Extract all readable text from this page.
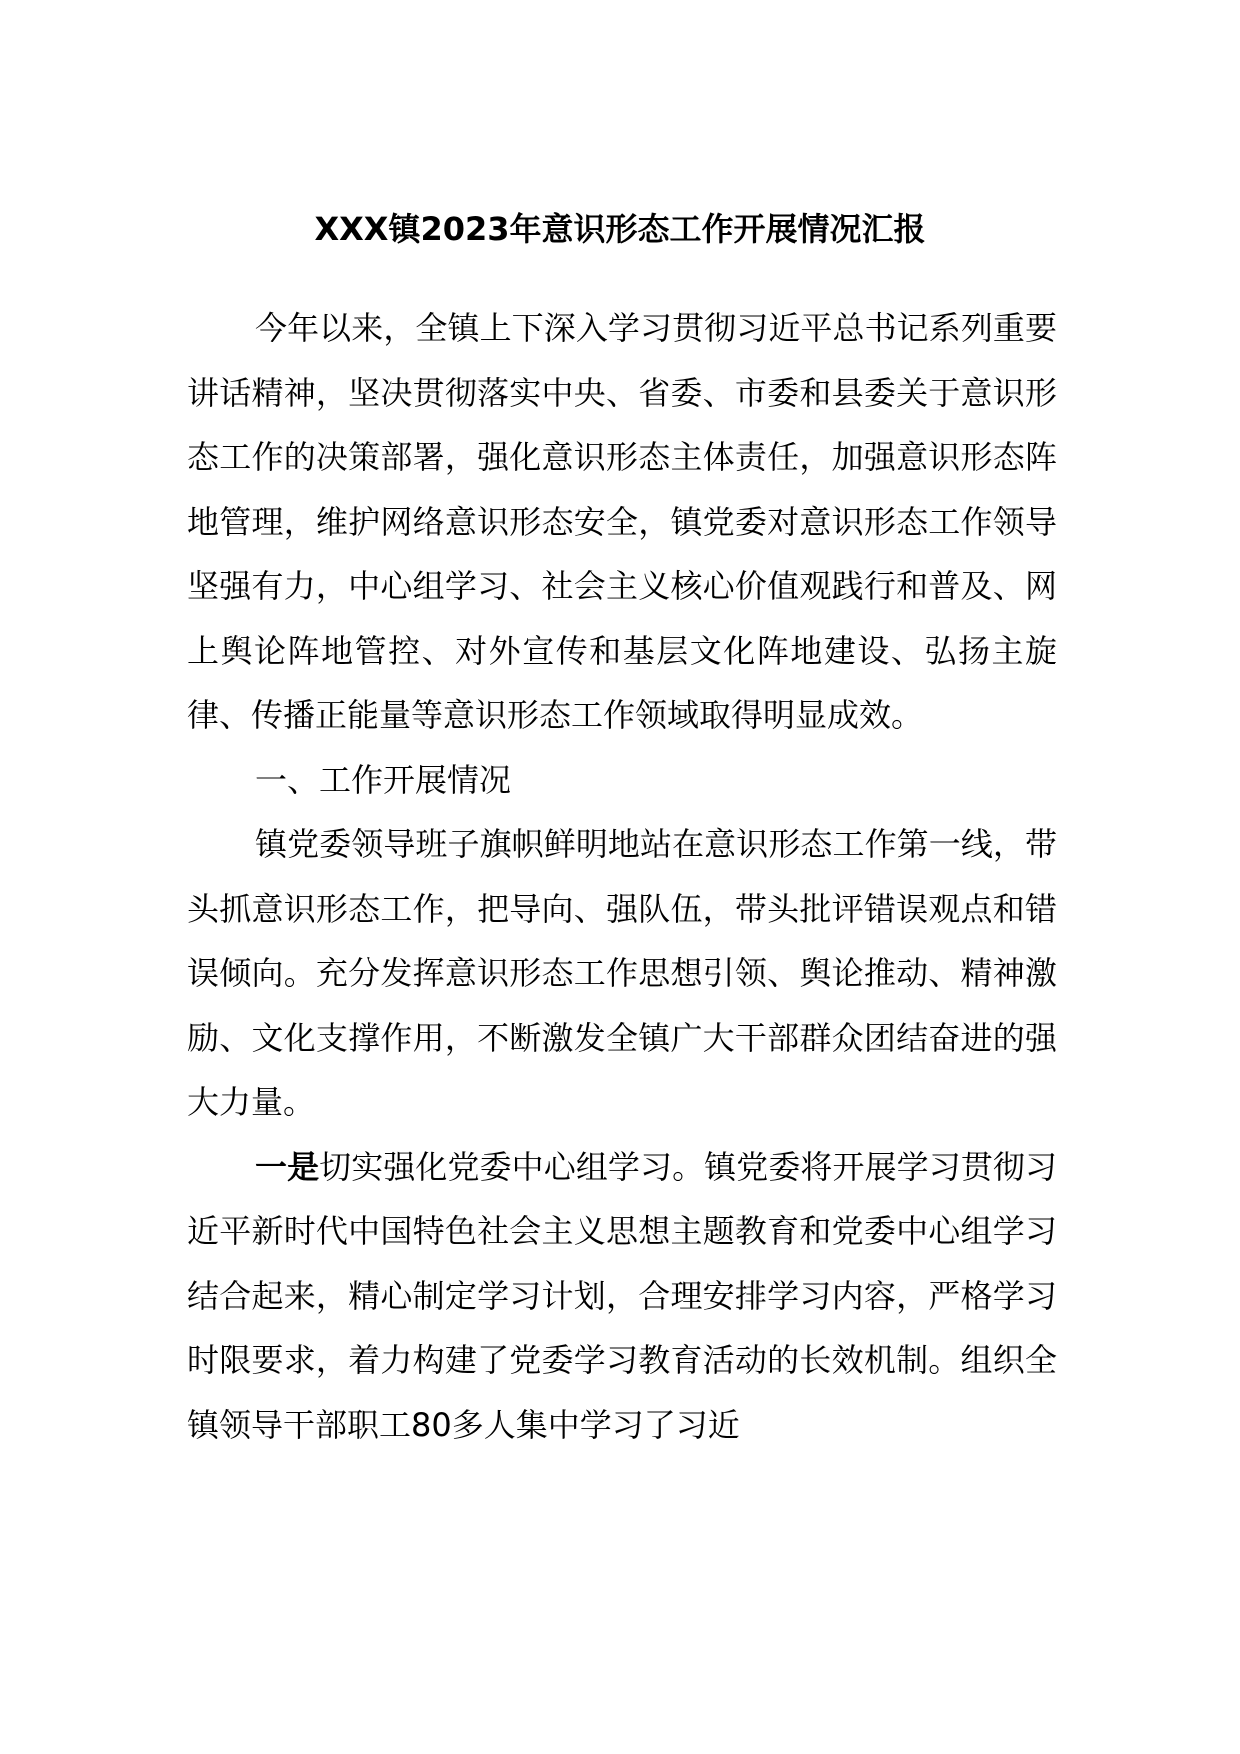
XXX镇2023年意识形态工作开展情况汇报

今年以来，全镇上下深入学习贯彻习近平总书记系列重要讲话精神，坚决贯彻落实中央、省委、市委和县委关于意识形态工作的决策部署，强化意识形态主体责任，加强意识形态阵地管理，维护网络意识形态安全，镇党委对意识形态工作领导坚强有力，中心组学习、社会主义核心价值观践行和普及、网上舆论阵地管控、对外宣传和基层文化阵地建设、弘扬主旋律、传播正能量等意识形态工作领域取得明显成效。

一、工作开展情况

镇党委领导班子旗帜鲜明地站在意识形态工作第一线，带头抓意识形态工作，把导向、强队伍，带头批评错误观点和错误倾向。充分发挥意识形态工作思想引领、舆论推动、精神激励、文化支撑作用，不断激发全镇广大干部群众团结奋进的强大力量。

一是切实强化党委中心组学习。镇党委将开展学习贯彻习近平新时代中国特色社会主义思想主题教育和党委中心组学习结合起来，精心制定学习计划，合理安排学习内容，严格学习时限要求，着力构建了党委学习教育活动的长效机制。组织全镇领导干部职工80多人集中学习了习近
